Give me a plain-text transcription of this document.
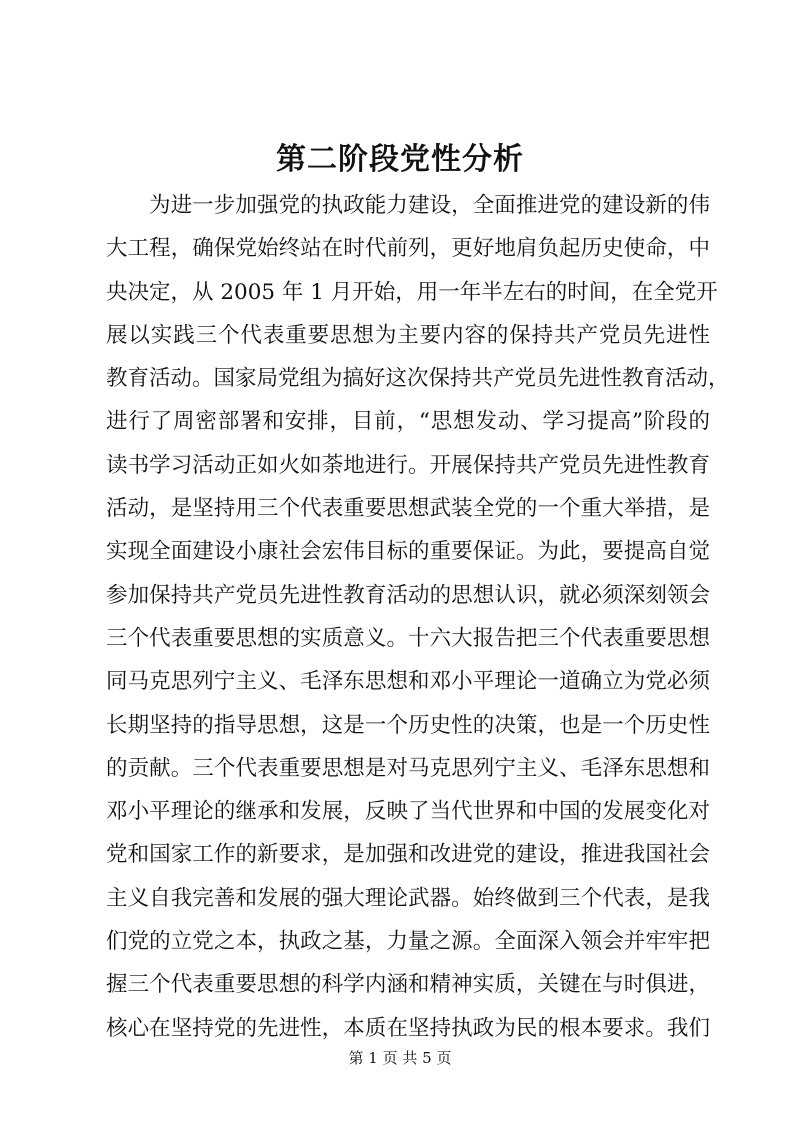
第二阶段党性分析
为进一步加强党的执政能力建设，全面推进党的建设新的伟
大工程，确保党始终站在时代前列，更好地肩负起历史使命，中
央决定，从 2005 年 1 月开始，用一年半左右的时间，在全党开
展以实践三个代表重要思想为主要内容的保持共产党员先进性
教育活动。国家局党组为搞好这次保持共产党员先进性教育活动，
进行了周密部署和安排，目前，“思想发动、学习提高”阶段的
读书学习活动正如火如荼地进行。开展保持共产党员先进性教育
活动，是坚持用三个代表重要思想武装全党的一个重大举措，是
实现全面建设小康社会宏伟目标的重要保证。为此，要提高自觉
参加保持共产党员先进性教育活动的思想认识，就必须深刻领会
三个代表重要思想的实质意义。十六大报告把三个代表重要思想
同马克思列宁主义、毛泽东思想和邓小平理论一道确立为党必须
长期坚持的指导思想，这是一个历史性的决策，也是一个历史性
的贡献。三个代表重要思想是对马克思列宁主义、毛泽东思想和
邓小平理论的继承和发展，反映了当代世界和中国的发展变化对
党和国家工作的新要求，是加强和改进党的建设，推进我国社会
主义自我完善和发展的强大理论武器。始终做到三个代表，是我
们党的立党之本，执政之基，力量之源。全面深入领会并牢牢把
握三个代表重要思想的科学内涵和精神实质，关键在与时俱进，
核心在坚持党的先进性，本质在坚持执政为民的根本要求。我们
第 1 页 共 5 页
